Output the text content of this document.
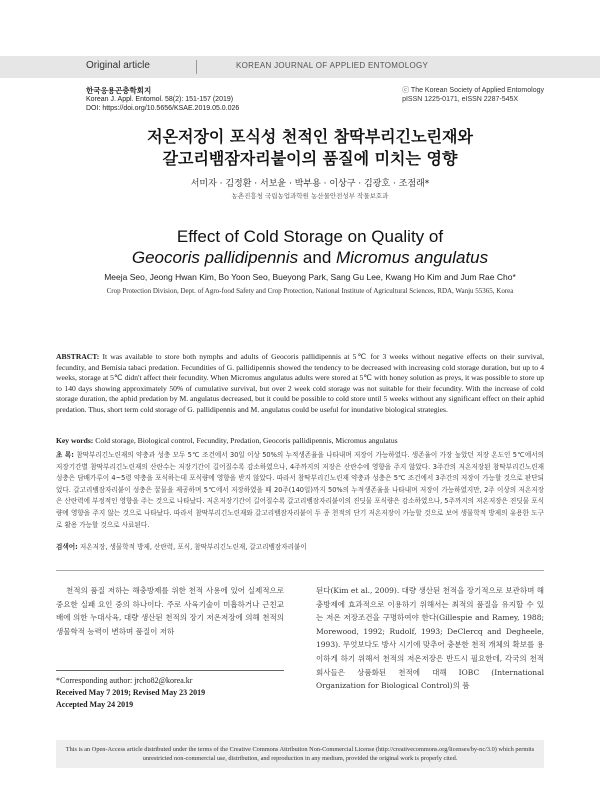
Original article	KOREAN JOURNAL OF APPLIED ENTOMOLOGY
한국응용곤충학회지
Korean J. Appl. Entomol. 58(2): 151-157 (2019)
DOI: https://doi.org/10.5656/KSAE.2019.05.0.026
ⓒ The Korean Society of Applied Entomology
pISSN 1225-0171, eISSN 2287-545X
저온저장이 포식성 천적인 참딱부리긴노린재와
갈고리뱀잠자리붙이의 품질에 미치는 영향
서미자 · 김정환 · 서보윤 · 박부용 · 이상구 · 김광호 · 조점래*
농촌진흥청 국립농업과학원 농산물안전성부 작물보호과
Effect of Cold Storage on Quality of
Geocoris pallidipennis and Micromus angulatus
Meeja Seo, Jeong Hwan Kim, Bo Yoon Seo, Bueyong Park, Sang Gu Lee, Kwang Ho Kim and Jum Rae Cho*
Crop Protection Division, Dept. of Agro-food Safety and Crop Protection, National Institute of Agricultural Sciences, RDA, Wanju 55365, Korea
ABSTRACT: It was available to store both nymphs and adults of Geocoris pallidipennis at 5℃ for 3 weeks without negative effects on their survival, fecundity, and Bemisia tabaci predation. Fecundities of G. pallidipennis showed the tendency to be decreased with increasing cold storage duration, but up to 4 weeks, storage at 5℃ didn't affect their fecundity. When Micromus angulatus adults were stored at 5℃ with honey solution as preys, it was possible to store up to 140 days showing approximately 50% of cumulative survival, but over 2 week cold storage was not suitable for their fecundity. With the increase of cold storage duration, the aphid predation by M. angulatus decreased, but it could be possible to cold store until 5 weeks without any significant effect on their aphid predation. Thus, short term cold storage of G. pallidipennis and M. angulatus could be useful for inundative biological strategies.
Key words: Cold storage, Biological control, Fecundity, Predation, Geocoris pallidipennis, Micromus angulatus
초 록: 참딱부리긴노린재의 약충과 성충 모두 5℃ 조건에서 30일 이상 50%의 누적생존율을 나타내며 저장이 가능하였다. 생존율이 가장 높았던 저장 온도인 5℃에서의 저장기간별 참딱부리긴노린재의 산란수는 저장기간이 길어질수록 감소하였으나, 4주까지의 저장은 산란수에 영향을 주지 않았다. 3주간의 저온저장된 참딱부리긴노린재 성충은 담배가루이 4~5령 약충을 포식하는데 포식량에 영향을 받지 않았다. 따라서 참딱부리긴노린재 약충과 성충은 5℃ 조건에서 3주간의 저장이 가능할 것으로 판단되었다. 갈고리뱀잠자리붙이 성충은 꿀물을 제공하며 5℃에서 저장하였을 때 20주(140일)까지 50%의 누적생존율을 나타내며 저장이 가능하였지만, 2주 이상의 저온저장은 산란력에 부정적인 영향을 주는 것으로 나타났다. 저온저장기간이 길어질수록 갈고리뱀잠자리붙이의 진딧물 포식량은 감소하였으나, 5주까지의 저온저장은 진딧물 포식량에 영향을 주지 않는 것으로 나타났다. 따라서 참딱부리긴노린재와 갈고리뱀잠자리붙이 두 종 천적의 단기 저온저장이 가능할 것으로 보여 생물학적 방제의 유용한 도구로 활용 가능할 것으로 사료된다.
검색어: 저온저장, 생물학적 방제, 산란력, 포식, 참딱부리긴노린재, 갈고리뱀잠자리붙이
천적의 품질 저하는 해충방제를 위한 천적 사용에 있어 실제적으로 중요한 실패 요인 중의 하나이다. 주로 사육기술이 미흡하거나 근친교배에 의한 누대사육, 대량 생산된 천적의 장기 저온저장에 의해 천적의 생물학적 능력이 변하며 품질이 저하
된다(Kim et al., 2009). 대량 생산된 천적을 장기적으로 보관하며 해충방제에 효과적으로 이용하기 위해서는 최적의 품질을 유지할 수 있는 저온 저장조건을 구명하여야 한다(Gillespie and Ramey, 1988; Morewood, 1992; Rudolf, 1993; DeClercq and Degheele, 1993). 무엇보다도 방사 시기에 맞추어 충분한 천적 개체의 확보를 용이하게 하기 위해서 천적의 저온저장은 반드시 필요한데, 각국의 천적회사들은 상품화된 천적에 대해 IOBC (International Organization for Biological Control)의 품
*Corresponding author: jrcho82@korea.kr
Received May 7 2019; Revised May 23 2019
Accepted May 24 2019
This is an Open-Access article distributed under the terms of the Creative Commons Attribution Non-Commercial License (http://creativecommons.org/licenses/by-nc/3.0) which permits unrestricted non-commercial use, distribution, and reproduction in any medium, provided the original work is properly cited.
